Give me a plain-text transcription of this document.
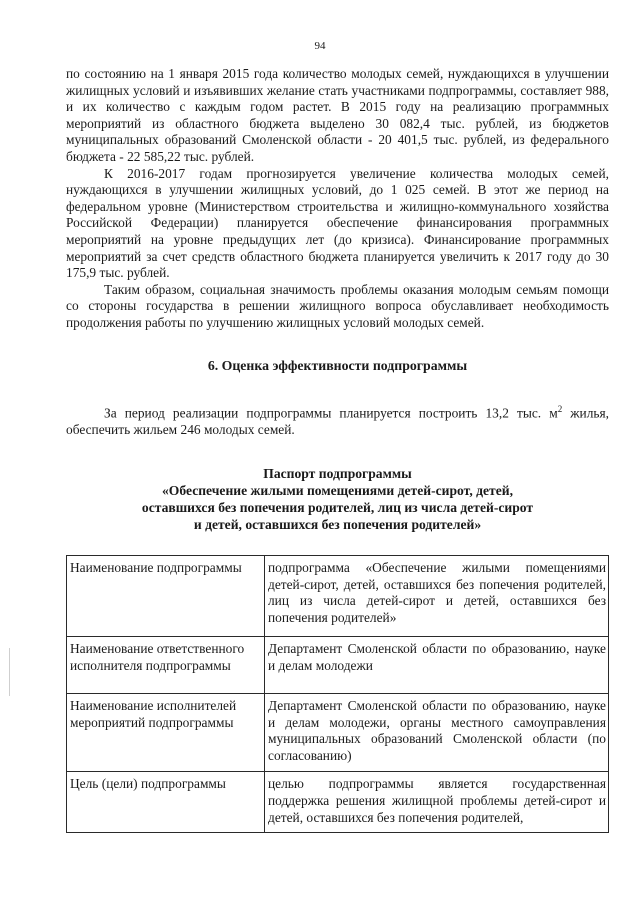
94

по состоянию на 1 января 2015 года количество молодых семей, нуждающихся в улучшении жилищных условий и изъявивших желание стать участниками подпрограммы, составляет 988, и их количество с каждым годом растет. В 2015 году на реализацию программных мероприятий из областного бюджета выделено 30 082,4 тыс. рублей, из бюджетов муниципальных образований Смоленской области - 20 401,5 тыс. рублей, из федерального бюджета - 22 585,22 тыс. рублей.

К 2016-2017 годам прогнозируется увеличение количества молодых семей, нуждающихся в улучшении жилищных условий, до 1 025 семей. В этот же период на федеральном уровне (Министерством строительства и жилищно-коммунального хозяйства Российской Федерации) планируется обеспечение финансирования программных мероприятий на уровне предыдущих лет (до кризиса). Финансирование программных мероприятий за счет средств областного бюджета планируется увеличить к 2017 году до 30 175,9 тыс. рублей.

Таким образом, социальная значимость проблемы оказания молодым семьям помощи со стороны государства в решении жилищного вопроса обуславливает необходимость продолжения работы по улучшению жилищных условий молодых семей.

6. Оценка эффективности подпрограммы

За период реализации подпрограммы планируется построить 13,2 тыс. $м^2$ жилья, обеспечить жильем 246 молодых семей.

Паспорт подпрограммы
«Обеспечение жилыми помещениями детей-сирот, детей,
оставшихся без попечения родителей, лиц из числа детей-сирот
и детей, оставшихся без попечения родителей»
Наименование подпрограммы	подпрограмма «Обеспечение жилыми помещениями детей-сирот, детей, оставшихся без попечения родителей, лиц из числа детей-сирот и детей, оставшихся без попечения родителей»
Наименование ответственного исполнителя подпрограммы	Департамент Смоленской области по образованию, науке и делам молодежи
Наименование исполнителей мероприятий подпрограммы	Департамент Смоленской области по образованию, науке и делам молодежи, органы местного самоуправления муниципальных образований Смоленской области (по согласованию)
Цель (цели) подпрограммы	целью подпрограммы является государственная поддержка решения жилищной проблемы детей-сирот и детей, оставшихся без попечения родителей,
